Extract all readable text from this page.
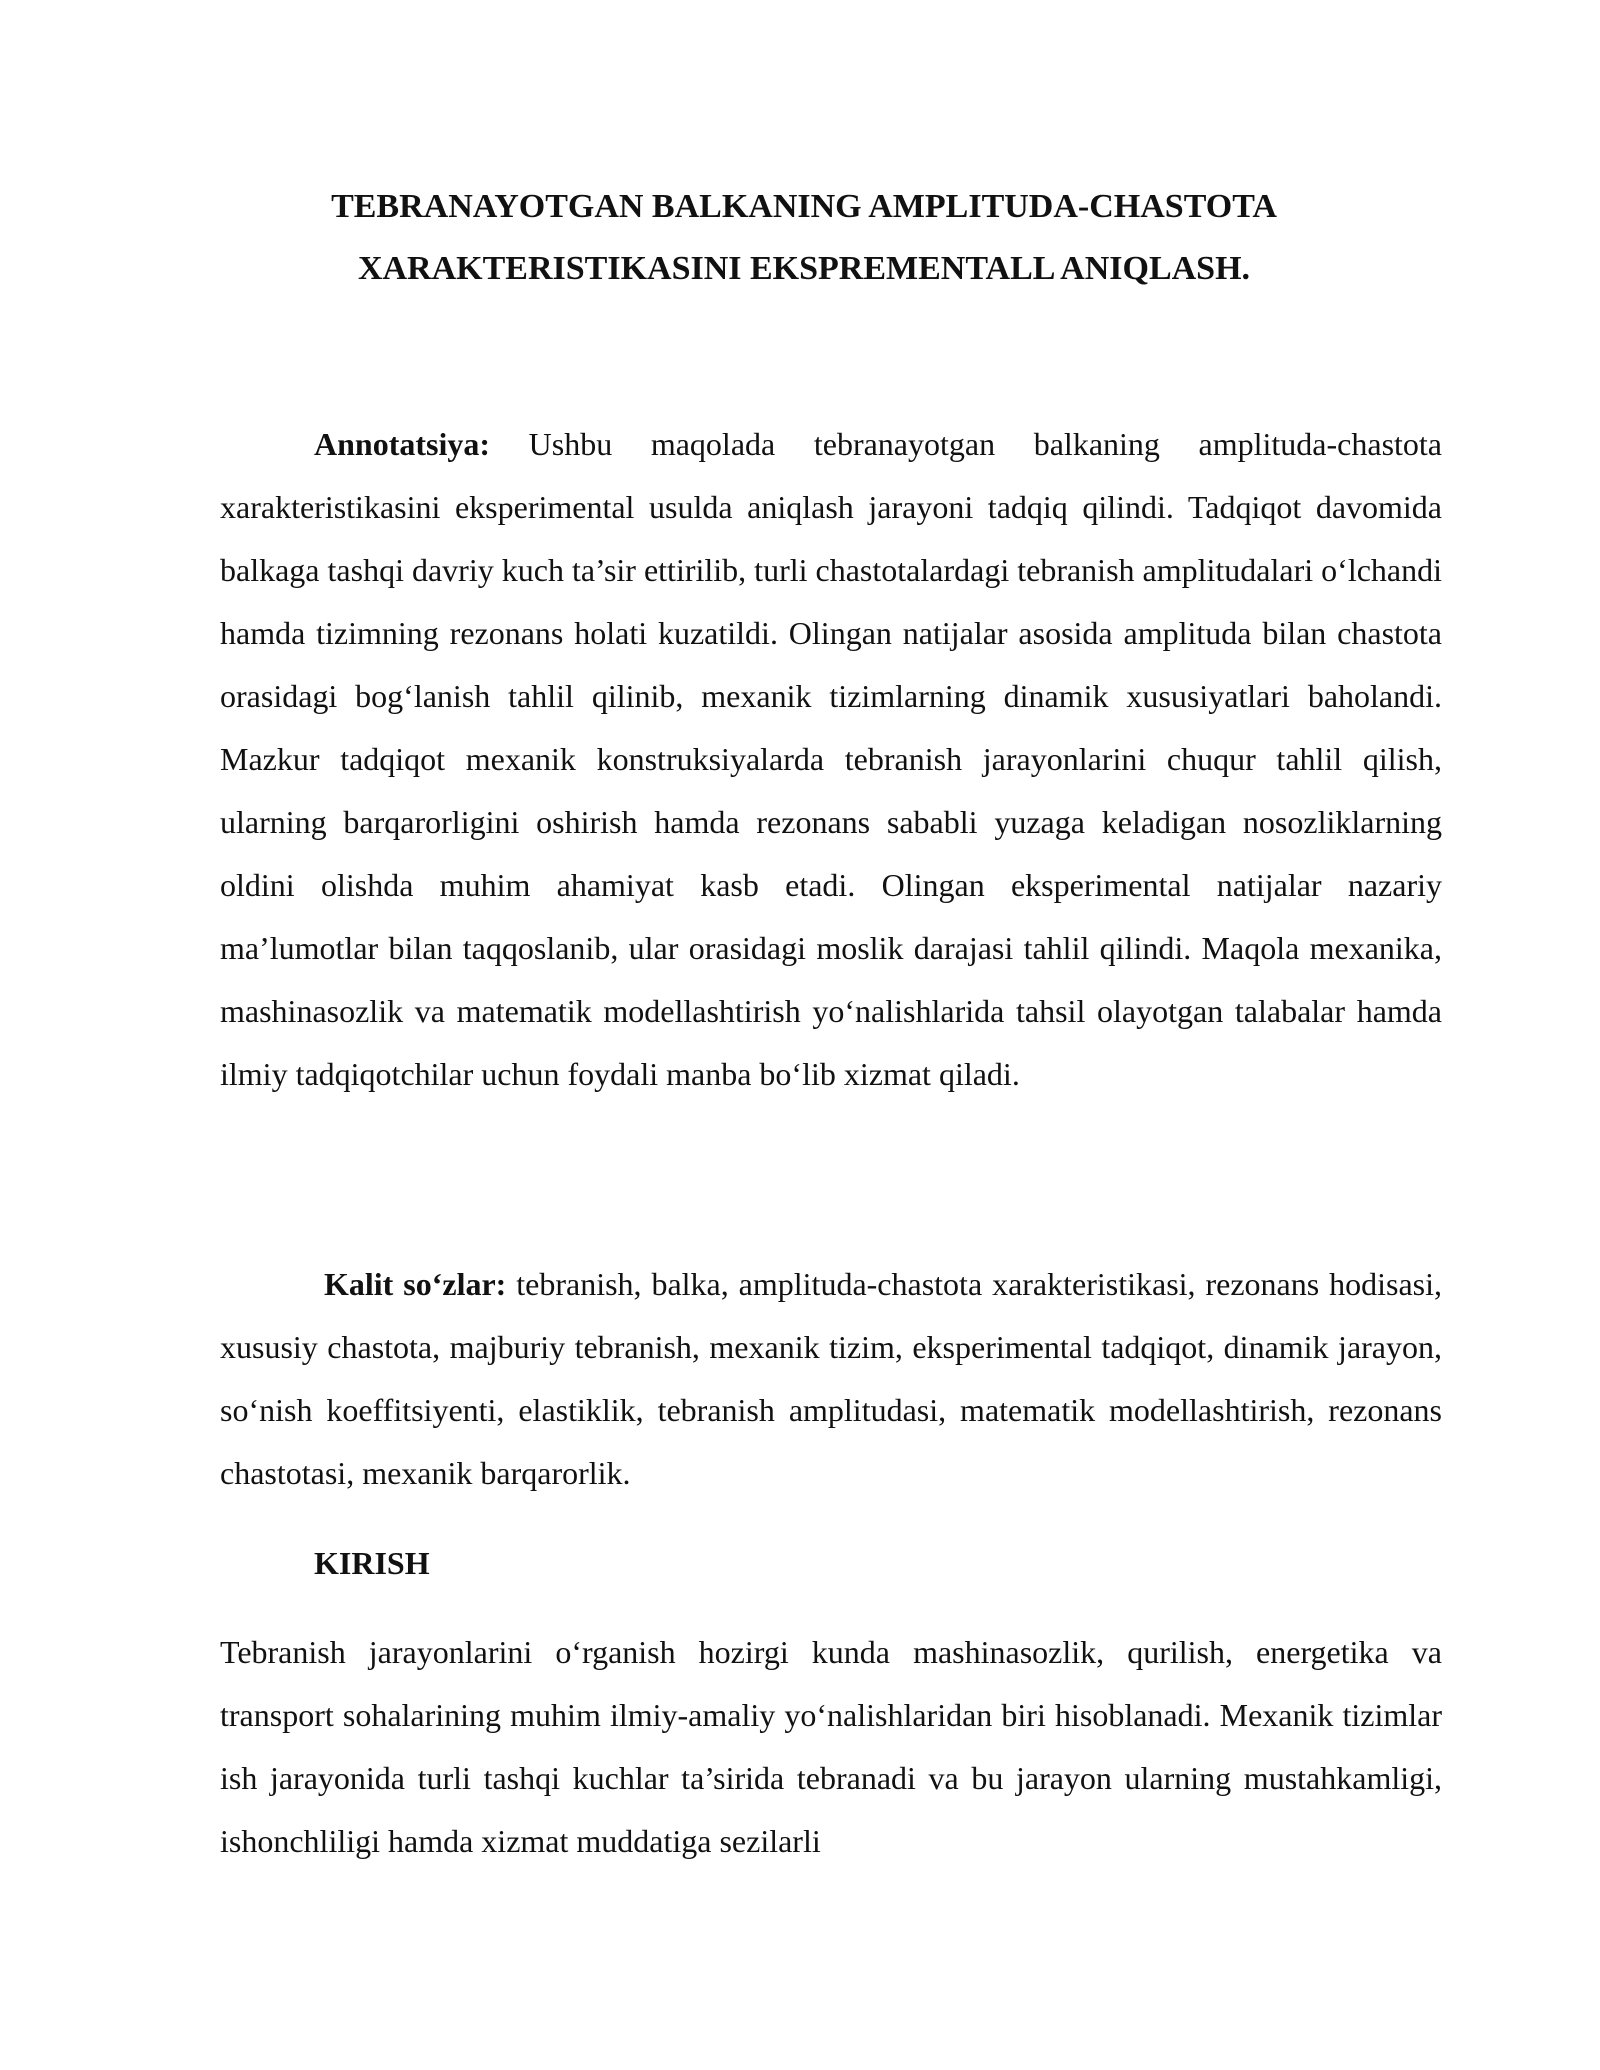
TEBRANAYOTGAN BALKANING AMPLITUDA-CHASTOTA
XARAKTERISTIKASINI EKSPREMENTALL ANIQLASH.

Annotatsiya: Ushbu maqolada tebranayotgan balkaning amplituda-chastota xarakteristikasini eksperimental usulda aniqlash jarayoni tadqiq qilindi. Tadqiqot davomida balkaga tashqi davriy kuch ta’sir ettirilib, turli chastotalardagi tebranish amplitudalari o‘lchandi hamda tizimning rezonans holati kuzatildi. Olingan natijalar asosida amplituda bilan chastota orasidagi bog‘lanish tahlil qilinib, mexanik tizimlarning dinamik xususiyatlari baholandi. Mazkur tadqiqot mexanik konstruksiyalarda tebranish jarayonlarini chuqur tahlil qilish, ularning barqarorligini oshirish hamda rezonans sababli yuzaga keladigan nosozliklarning oldini olishda muhim ahamiyat kasb etadi. Olingan eksperimental natijalar nazariy ma’lumotlar bilan taqqoslanib, ular orasidagi moslik darajasi tahlil qilindi. Maqola mexanika, mashinasozlik va matematik modellashtirish yo‘nalishlarida tahsil olayotgan talabalar hamda ilmiy tadqiqotchilar uchun foydali manba bo‘lib xizmat qiladi.

Kalit so‘zlar: tebranish, balka, amplituda-chastota xarakteristikasi, rezonans hodisasi, xususiy chastota, majburiy tebranish, mexanik tizim, eksperimental tadqiqot, dinamik jarayon, so‘nish koeffitsiyenti, elastiklik, tebranish amplitudasi, matematik modellashtirish, rezonans chastotasi, mexanik barqarorlik.

KIRISH

Tebranish jarayonlarini o‘rganish hozirgi kunda mashinasozlik, qurilish, energetika va transport sohalarining muhim ilmiy-amaliy yo‘nalishlaridan biri hisoblanadi. Mexanik tizimlar ish jarayonida turli tashqi kuchlar ta’sirida tebranadi va bu jarayon ularning mustahkamligi, ishonchliligi hamda xizmat muddatiga sezilarli
